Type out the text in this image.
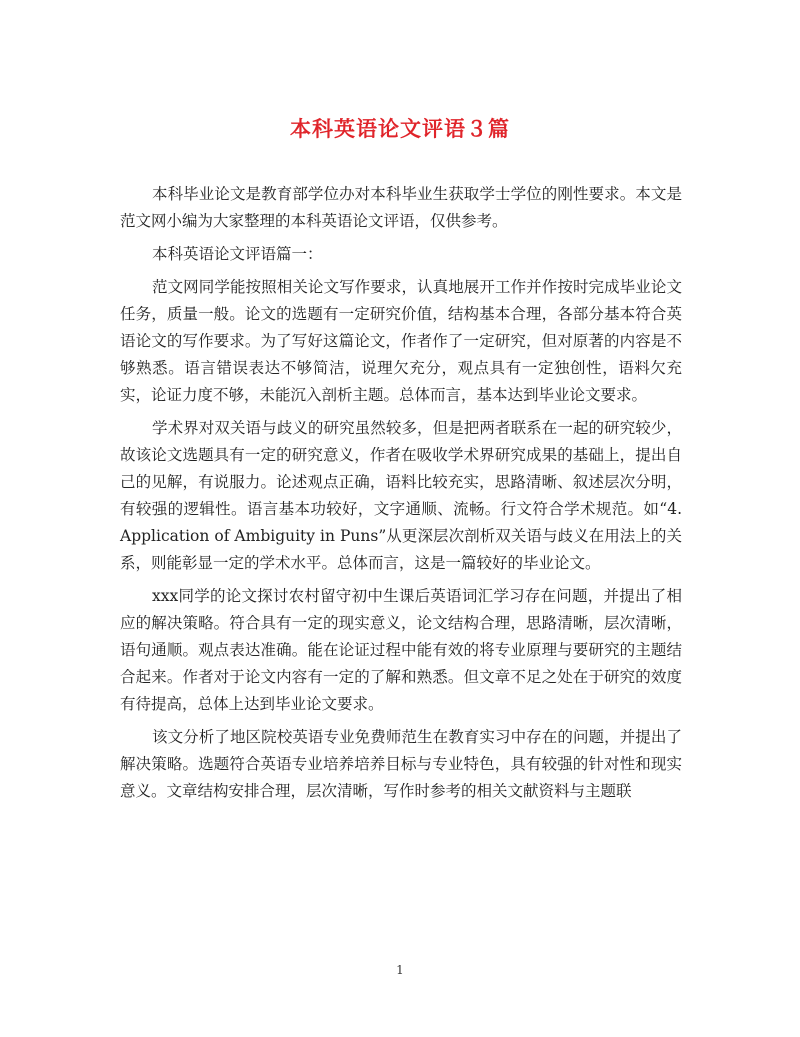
本科英语论文评语３篇

本科毕业论文是教育部学位办对本科毕业生获取学士学位的刚性要求。本文是范文网小编为大家整理的本科英语论文评语，仅供参考。

本科英语论文评语篇一：

范文网同学能按照相关论文写作要求，认真地展开工作并作按时完成毕业论文任务，质量一般。论文的选题有一定研究价值，结构基本合理，各部分基本符合英语论文的写作要求。为了写好这篇论文，作者作了一定研究，但对原著的内容是不够熟悉。语言错误表达不够简洁，说理欠充分，观点具有一定独创性，语料欠充实，论证力度不够，未能沉入剖析主题。总体而言，基本达到毕业论文要求。

学术界对双关语与歧义的研究虽然较多，但是把两者联系在一起的研究较少，故该论文选题具有一定的研究意义，作者在吸收学术界研究成果的基础上，提出自己的见解，有说服力。论述观点正确，语料比较充实，思路清晰、叙述层次分明，有较强的逻辑性。语言基本功较好，文字通顺、流畅。行文符合学术规范。如“4. Application of Ambiguity in Puns”从更深层次剖析双关语与歧义在用法上的关系，则能彰显一定的学术水平。总体而言，这是一篇较好的毕业论文。

xxx同学的论文探讨农村留守初中生课后英语词汇学习存在问题，并提出了相应的解决策略。符合具有一定的现实意义，论文结构合理，思路清晰，层次清晰，语句通顺。观点表达准确。能在论证过程中能有效的将专业原理与要研究的主题结合起来。作者对于论文内容有一定的了解和熟悉。但文章不足之处在于研究的效度有待提高，总体上达到毕业论文要求。

该文分析了地区院校英语专业免费师范生在教育实习中存在的问题，并提出了解决策略。选题符合英语专业培养培养目标与专业特色，具有较强的针对性和现实意义。文章结构安排合理，层次清晰，写作时参考的相关文献资料与主题联

1
